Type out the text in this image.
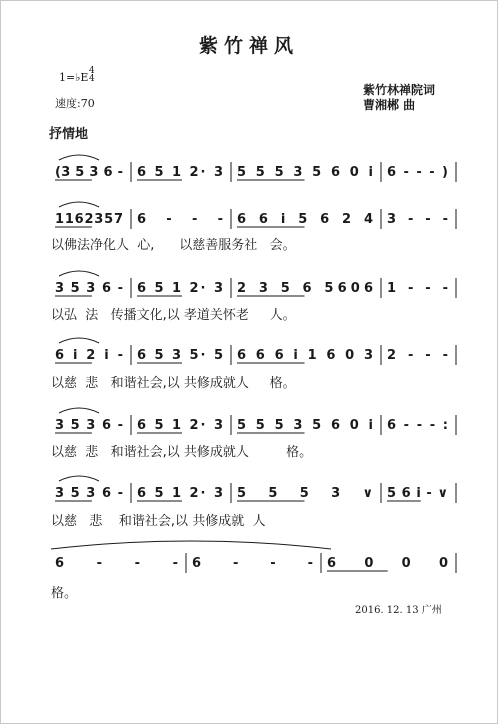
紫竹禅风
1=♭E 4
4
速度:70
紫竹林禅院词
曹湘郴 曲
抒情地
(3 5 3 6 - 6 5 1 2· 3 5 5 5 3 5 6 0 i 6 - - - )
1 1 6 2 3 5 7 6 - - - 6 6 i 5 6 2 4 3 - - -
以佛法净化人  心,      以慈善服务社   会。
3 5 3 6 - 6 5 1 2· 3 2 3 5 6 5606 1 - - -
以弘  法   传播文化,以 孝道关怀老     人。
6 i 2 i - 6 5 3 5· 5 6 6 6 i 1 6 0 3 2 - - -
以慈  悲   和谐社会,以 共修成就人     格。
3 5 3 6 - 6 5 1 2· 3 5 5 5 3 5 6 0 i 6 - - - :
以慈  悲   和谐社会,以 共修成就人         格。
3 5 3 6 - 6 5 1 2· 3 5 5 5 3 ∨ 5 6 i - ∨
以慈   悲    和谐社会,以 共修成就  人
6 - - - 6 - - - 6 0 0 0
格。
2016. 12. 13 广州
